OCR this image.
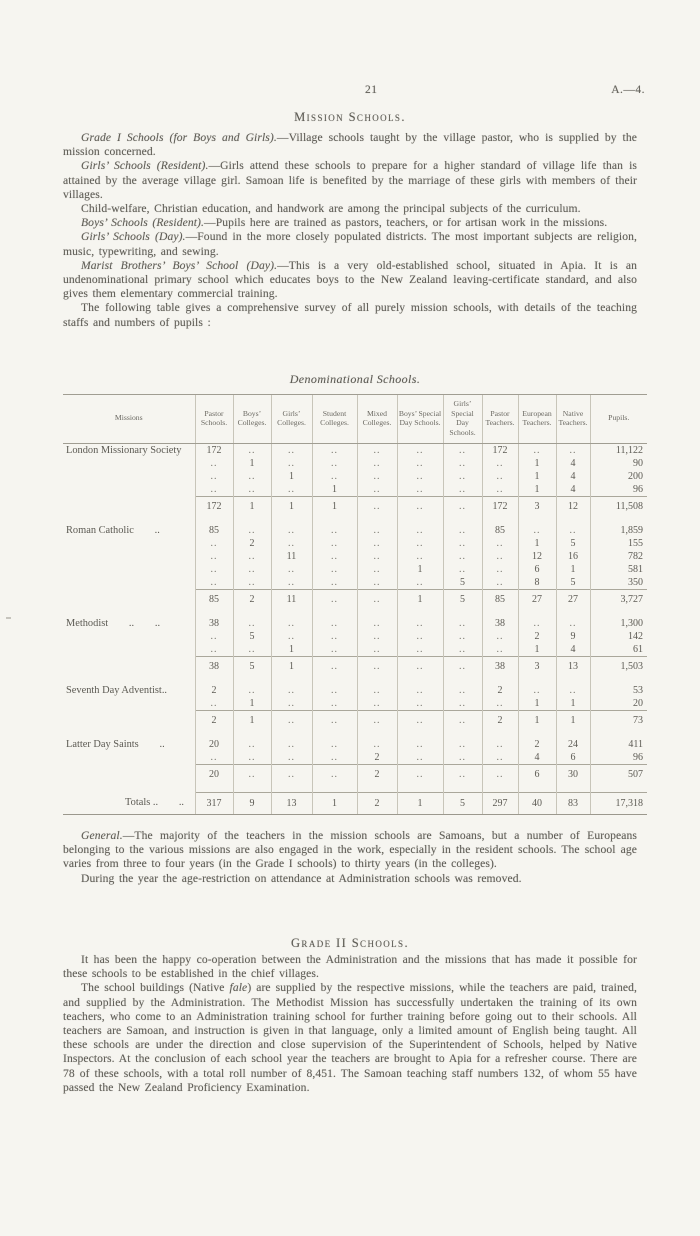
21	A.—4.
Mission Schools.

Grade I Schools (for Boys and Girls).—Village schools taught by the village pastor, who is supplied by the mission concerned.

Girls’ Schools (Resident).—Girls attend these schools to prepare for a higher standard of village life than is attained by the average village girl. Samoan life is benefited by the marriage of these girls with members of their villages.

Child-welfare, Christian education, and handwork are among the principal subjects of the curriculum.

Boys’ Schools (Resident).—Pupils here are trained as pastors, teachers, or for artisan work in the missions.

Girls’ Schools (Day).—Found in the more closely populated districts. The most important subjects are religion, music, typewriting, and sewing.

Marist Brothers’ Boys’ School (Day).—This is a very old-established school, situated in Apia. It is an undenominational primary school which educates boys to the New Zealand leaving-certificate standard, and also gives them elementary commercial training.

The following table gives a comprehensive survey of all purely mission schools, with details of the teaching staffs and numbers of pupils :

Denominational Schools.
Missions	Pastor Schools.	Boys’ Colleges.	Girls’ Colleges.	Student Colleges.	Mixed Colleges.	Boys’ Special Day Schools.	Girls’ Special Day Schools.	Pastor Teachers.	European Teachers.	Native Teachers.	Pupils.
London Missionary Society	172	..	..	..	..	..	..	172	..	..	11,122
	..	1	..	..	..	..	..	..	1	4	90
	..	..	1	..	..	..	..	..	1	4	200
	..	..	..	1	..	..	..	..	1	4	96
	172	1	1	1	..	..	..	172	3	12	11,508

Roman Catholic  ..	85	..	..	..	..	..	..	85	..	..	1,859
	..	2	..	..	..	..	..	..	1	5	155
	..	..	11	..	..	..	..	..	12	16	782
	..	..	..	..	..	1	..	..	6	1	581
	..	..	..	..	..	..	5	..	8	5	350
	85	2	11	..	..	1	5	85	27	27	3,727

Methodist  ..  ..	38	..	..	..	..	..	..	38	..	..	1,300
	..	5	..	..	..	..	..	..	2	9	142
	..	..	1	..	..	..	..	..	1	4	61
	38	5	1	..	..	..	..	38	3	13	1,503

Seventh Day Adventist..	2	..	..	..	..	..	..	2	..	..	53
	..	1	..	..	..	..	..	..	1	1	20
	2	1	..	..	..	..	..	2	1	1	73

Latter Day Saints  ..	20	..	..	..	..	..	..	..	2	24	411
	..	..	..	..	2	..	..	..	4	6	96
	20	..	..	..	2	..	..	..	6	30	507

Totals ..  ..	317	9	13	1	2	1	5	297	40	83	17,318

General.—The majority of the teachers in the mission schools are Samoans, but a number of Europeans belonging to the various missions are also engaged in the work, especially in the resident schools. The school age varies from three to four years (in the Grade I schools) to thirty years (in the colleges).

During the year the age-restriction on attendance at Administration schools was removed.

Grade II Schools.

It has been the happy co-operation between the Administration and the missions that has made it possible for these schools to be established in the chief villages.

The school buildings (Native fale) are supplied by the respective missions, while the teachers are paid, trained, and supplied by the Administration. The Methodist Mission has successfully undertaken the training of its own teachers, who come to an Administration training school for further training before going out to their schools. All teachers are Samoan, and instruction is given in that language, only a limited amount of English being taught. All these schools are under the direction and close supervision of the Superintendent of Schools, helped by Native Inspectors. At the conclusion of each school year the teachers are brought to Apia for a refresher course. There are 78 of these schools, with a total roll number of 8,451. The Samoan teaching staff numbers 132, of whom 55 have passed the New Zealand Proficiency Examination.
